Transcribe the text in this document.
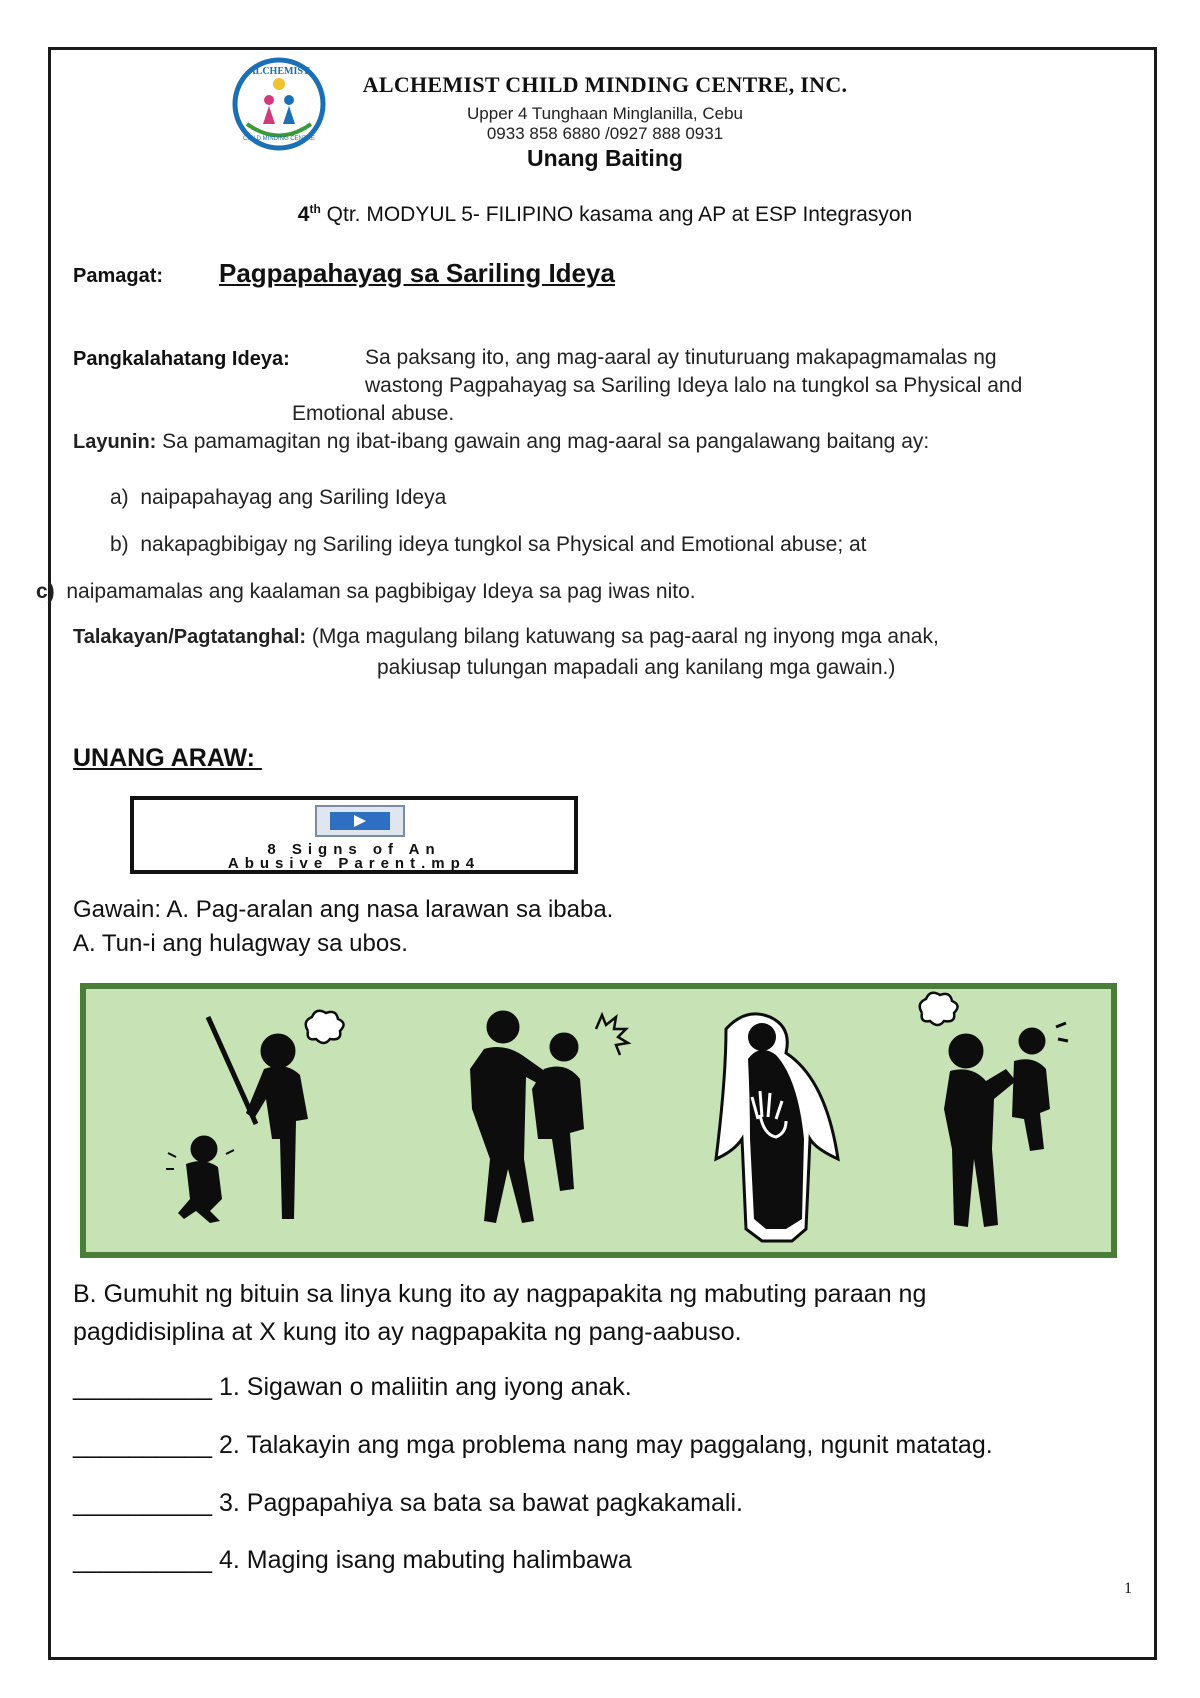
ALCHEMIST
CHILD MINDING CENTRE
ALCHEMIST CHILD MINDING CENTRE, INC.
Upper 4 Tunghaan Minglanilla, Cebu
0933 858 6880 /0927 888 0931
Unang Baiting
4th Qtr. MODYUL 5- FILIPINO kasama ang AP at ESP Integrasyon
Pamagat: Pagpapahayag sa Sariling Ideya
Pangkalahatang Ideya:	Sa paksang ito, ang mag-aaral ay tinuturuang makapagmamalas ng
wastong Pagpahayag sa Sariling Ideya lalo na tungkol sa Physical and
Emotional abuse.
Layunin: Sa pamamagitan ng ibat-ibang gawain ang mag-aaral sa pangalawang baitang ay:
a) naipapahayag ang Sariling Ideya
b) nakapagbibigay ng Sariling ideya tungkol sa Physical and Emotional abuse; at
c) naipamamalas ang kaalaman sa pagbibigay Ideya sa pag iwas nito.
Talakayan/Pagtatanghal: (Mga magulang bilang katuwang sa pag-aaral ng inyong mga anak,
pakiusap tulungan mapadali ang kanilang mga gawain.)
UNANG ARAW:
8 Signs of An
Abusive Parent.mp4
Gawain: A. Pag-aralan ang nasa larawan sa ibaba.
A. Tun-i ang hulagway sa ubos.
B. Gumuhit ng bituin sa linya kung ito ay nagpapakita ng mabuting paraan ng
pagdidisiplina at X kung ito ay nagpapakita ng pang-aabuso.
__________ 1. Sigawan o maliitin ang iyong anak.
__________ 2. Talakayin ang mga problema nang may paggalang, ngunit matatag.
__________ 3. Pagpapahiya sa bata sa bawat pagkakamali.
__________ 4. Maging isang mabuting halimbawa
1
